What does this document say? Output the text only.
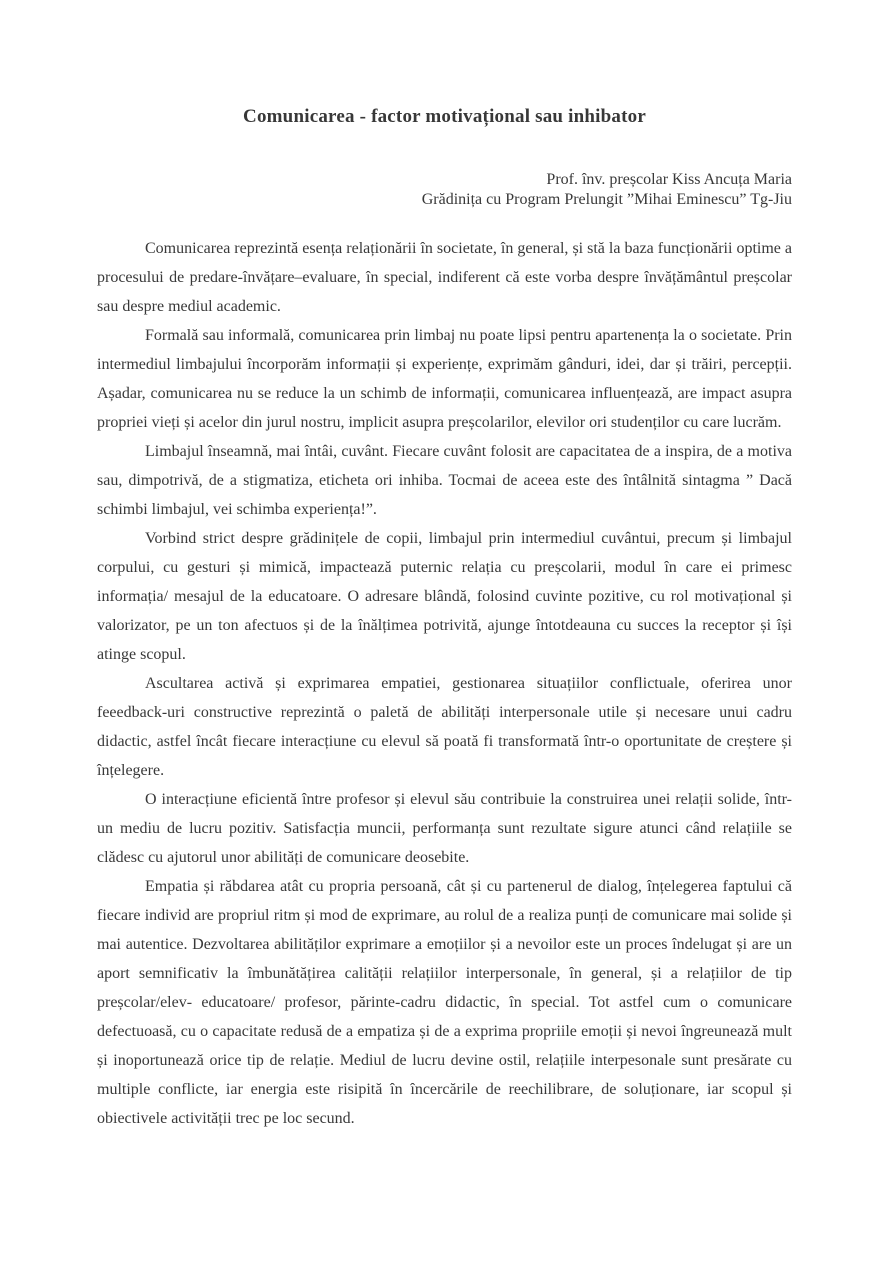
Comunicarea - factor motivațional sau inhibator
Prof. înv. preșcolar Kiss Ancuța Maria
Grădinița cu Program Prelungit ”Mihai Eminescu” Tg-Jiu

Comunicarea reprezintă esența relaționării în societate, în general, și stă la baza funcționării optime a procesului de predare-învățare–evaluare, în special, indiferent că este vorba despre învățământul preșcolar sau despre mediul academic.

Formală sau informală, comunicarea prin limbaj nu poate lipsi pentru apartenența la o societate. Prin intermediul limbajului încorporăm informații și experiențe, exprimăm gânduri, idei, dar și trăiri, percepții. Așadar, comunicarea nu se reduce la un schimb de informații, comunicarea influențează, are impact asupra propriei vieți și acelor din jurul nostru, implicit asupra preșcolarilor, elevilor ori studenților cu care lucrăm.

Limbajul înseamnă, mai întâi, cuvânt. Fiecare cuvânt folosit are capacitatea de a inspira, de a motiva sau, dimpotrivă, de a stigmatiza, eticheta ori inhiba. Tocmai de aceea este des întâlnită sintagma ” Dacă schimbi limbajul, vei schimba experiența!”.

Vorbind strict despre grădinițele de copii, limbajul prin intermediul cuvântui, precum și limbajul corpului, cu gesturi și mimică, impactează puternic relația cu preșcolarii, modul în care ei primesc informația/ mesajul de la educatoare. O adresare blândă, folosind cuvinte pozitive, cu rol motivațional și valorizator, pe un ton afectuos și de la înălțimea potrivită, ajunge întotdeauna cu succes la receptor și își atinge scopul.

Ascultarea activă și exprimarea empatiei, gestionarea situațiilor conflictuale, oferirea unor feeedback-uri constructive reprezintă o paletă de abilități interpersonale utile și necesare unui cadru didactic, astfel încât fiecare interacțiune cu elevul să poată fi transformată într-o oportunitate de creștere și înțelegere.

O interacțiune eficientă între profesor și elevul său contribuie la construirea unei relații solide, într-un mediu de lucru pozitiv. Satisfacția muncii, performanța sunt rezultate sigure atunci când relațiile se clădesc cu ajutorul unor abilități de comunicare deosebite.

Empatia și răbdarea atât cu propria persoană, cât și cu partenerul de dialog, înțelegerea faptului că fiecare individ are propriul ritm și mod de exprimare, au rolul de a realiza punți de comunicare mai solide și mai autentice. Dezvoltarea abilităților exprimare a emoțiilor și a nevoilor este un proces îndelugat și are un aport semnificativ la îmbunătățirea calității relațiilor interpersonale, în general, și a relațiilor de tip preșcolar/elev- educatoare/ profesor, părinte-cadru didactic, în special. Tot astfel cum o comunicare defectuoasă, cu o capacitate redusă de a empatiza și de a exprima propriile emoții și nevoi îngreunează mult și inoportunează orice tip de relație. Mediul de lucru devine ostil, relațiile interpesonale sunt presărate cu multiple conflicte, iar energia este risipită în încercările de reechilibrare, de soluționare, iar scopul și obiectivele activității trec pe loc secund.
